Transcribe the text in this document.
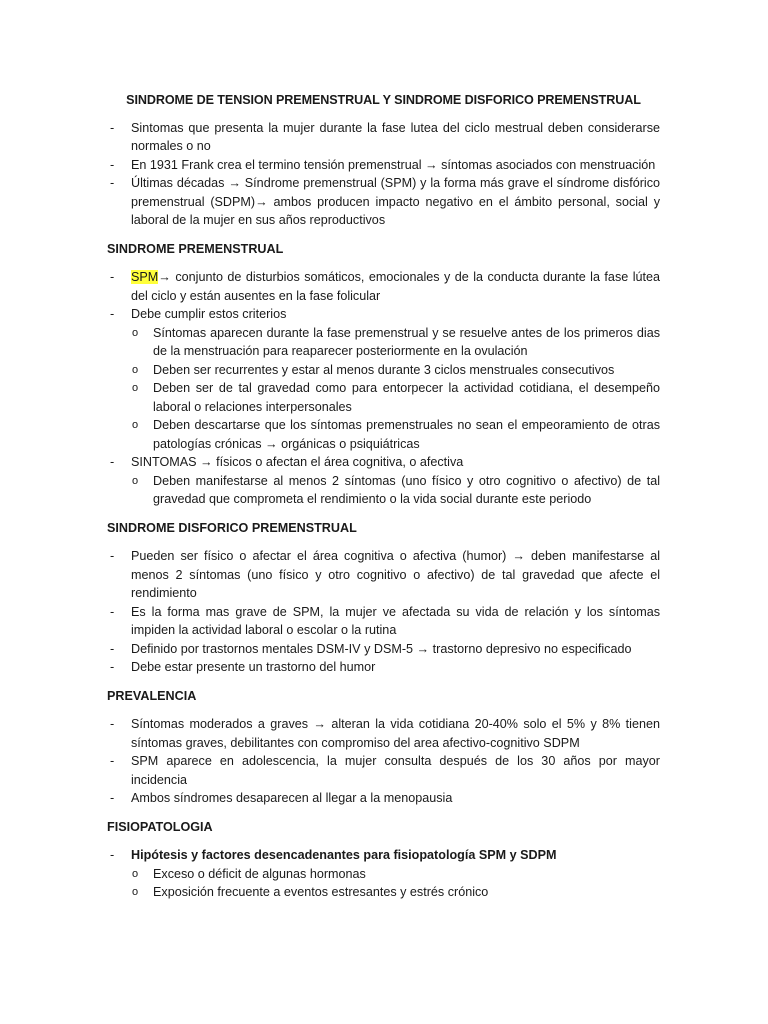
SINDROME DE TENSION PREMENSTRUAL Y SINDROME DISFORICO PREMENSTRUAL
- Sintomas que presenta la mujer durante la fase lutea del ciclo mestrual deben considerarse normales o no
- En 1931 Frank crea el termino tensión premenstrual → síntomas asociados con menstruación
- Últimas décadas → Síndrome premenstrual (SPM) y la forma más grave el síndrome disfórico premenstrual (SDPM)→ ambos producen impacto negativo en el ámbito personal, social y laboral de la mujer en sus años reproductivos
SINDROME PREMENSTRUAL
- SPM→ conjunto de disturbios somáticos, emocionales y de la conducta durante la fase lútea del ciclo y están ausentes en la fase folicular
- Debe cumplir estos criterios
o Síntomas aparecen durante la fase premenstrual y se resuelve antes de los primeros dias de la menstruación para reaparecer posteriormente en la ovulación
o Deben ser recurrentes y estar al menos durante 3 ciclos menstruales consecutivos
o Deben ser de tal gravedad como para entorpecer la actividad cotidiana, el desempeño laboral o relaciones interpersonales
o Deben descartarse que los síntomas premenstruales no sean el empeoramiento de otras patologías crónicas → orgánicas o psiquiátricas
- SINTOMAS → físicos o afectan el área cognitiva, o afectiva
o Deben manifestarse al menos 2 síntomas (uno físico y otro cognitivo o afectivo) de tal gravedad que comprometa el rendimiento o la vida social durante este periodo
SINDROME DISFORICO PREMENSTRUAL
- Pueden ser físico o afectar el área cognitiva o afectiva (humor) → deben manifestarse al menos 2 síntomas (uno físico y otro cognitivo o afectivo) de tal gravedad que afecte el rendimiento
- Es la forma mas grave de SPM, la mujer ve afectada su vida de relación y los síntomas impiden la actividad laboral o escolar o la rutina
- Definido por trastornos mentales DSM-IV y DSM-5 → trastorno depresivo no especificado
- Debe estar presente un trastorno del humor
PREVALENCIA
- Síntomas moderados a graves → alteran la vida cotidiana 20-40% solo el 5% y 8% tienen síntomas graves, debilitantes con compromiso del area afectivo-cognitivo SDPM
- SPM aparece en adolescencia, la mujer consulta después de los 30 años por mayor incidencia
- Ambos síndromes desaparecen al llegar a la menopausia
FISIOPATOLOGIA
- Hipótesis y factores desencadenantes para fisiopatología SPM y SDPM
o Exceso o déficit de algunas hormonas
o Exposición frecuente a eventos estresantes y estrés crónico
